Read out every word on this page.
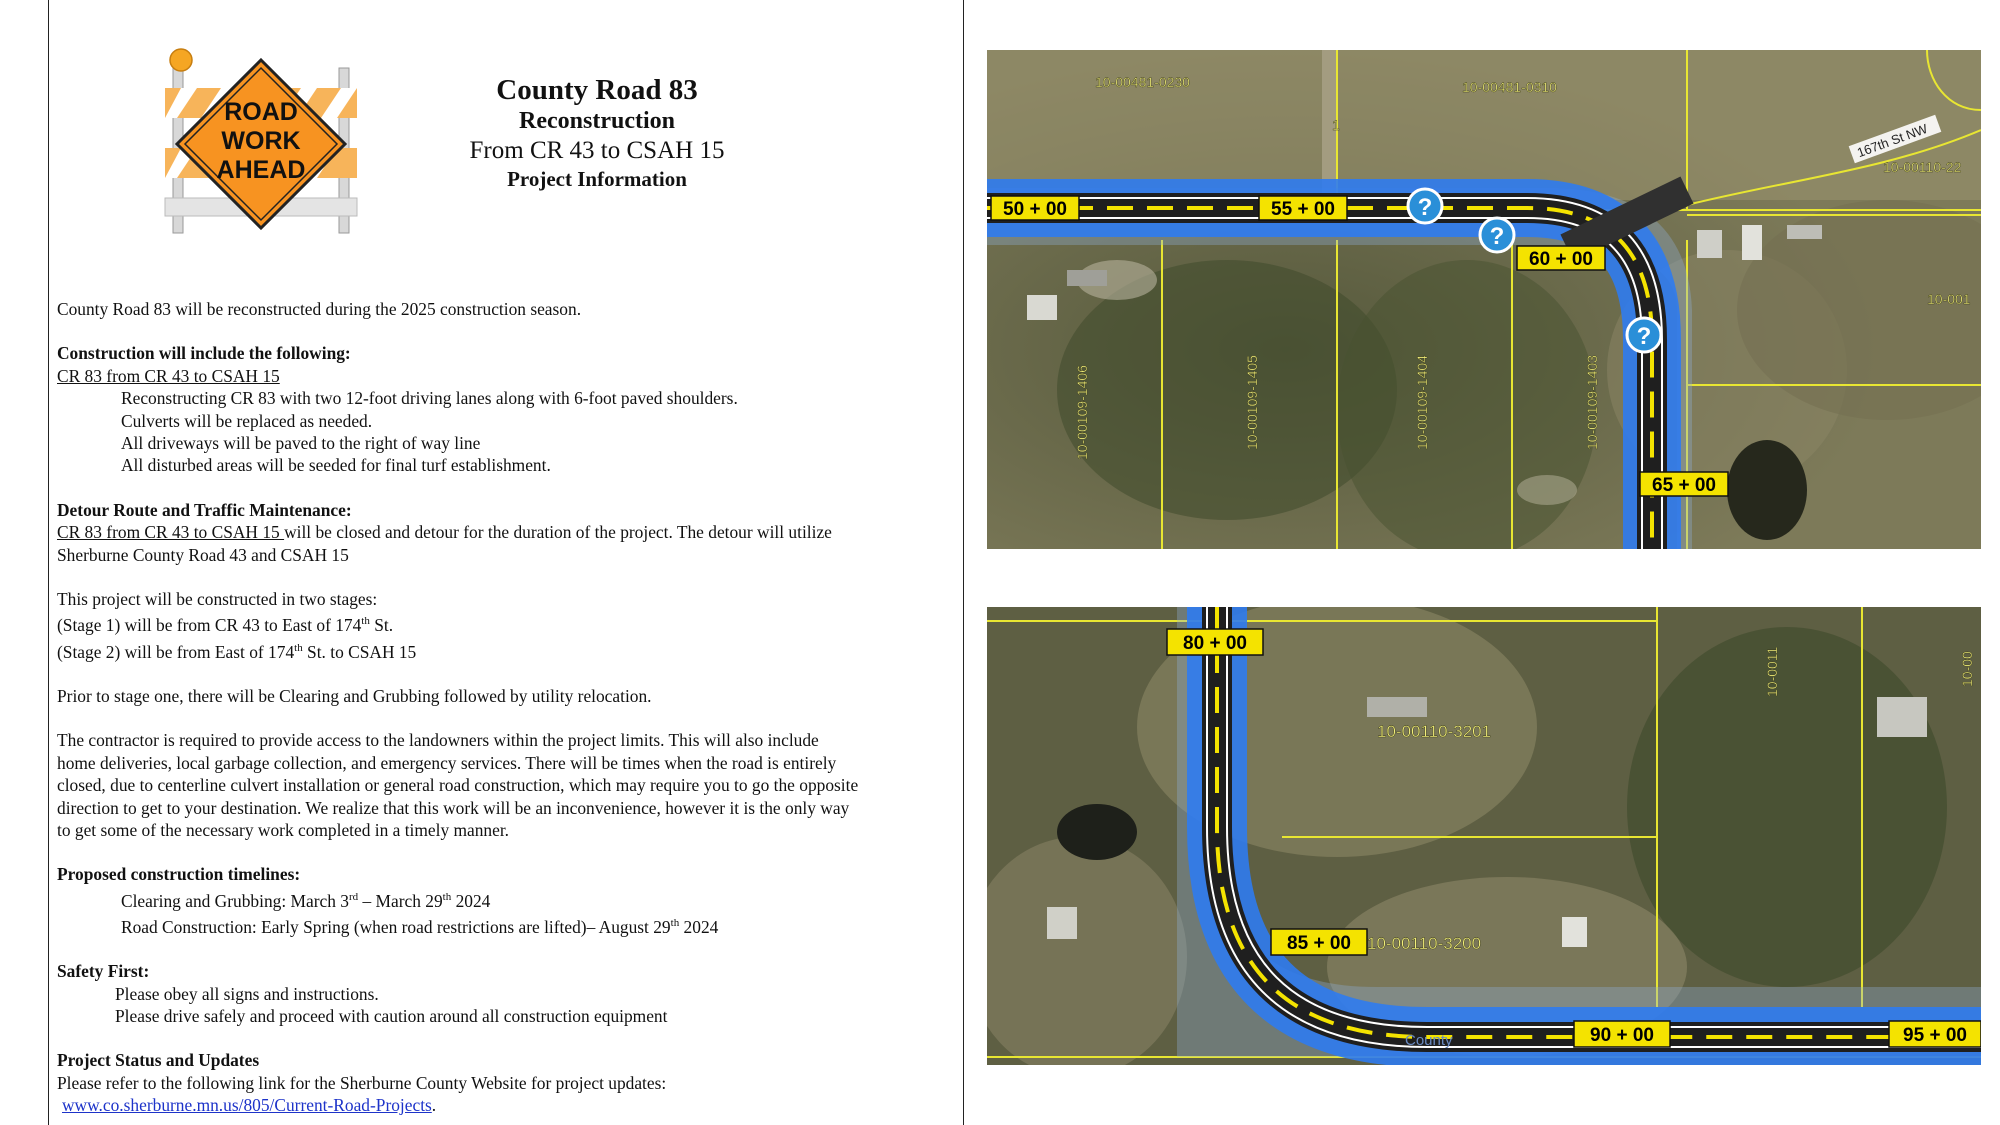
ROAD
WORK
AHEAD
County Road 83
Reconstruction
From CR 43 to CSAH 15
Project Information

County Road 83 will be reconstructed during the 2025 construction season.

Construction will include the following:

CR 83 from CR 43 to CSAH 15

Reconstructing CR 83 with two 12-foot driving lanes along with 6-foot paved shoulders.

Culverts will be replaced as needed.

All driveways will be paved to the right of way line

All disturbed areas will be seeded for final turf establishment.

Detour Route and Traffic Maintenance:

CR 83 from CR 43 to CSAH 15 will be closed and detour for the duration of the project. The detour will utilize

Sherburne County Road 43 and CSAH 15

This project will be constructed in two stages:

(Stage 1) will be from CR 43 to East of 174th St.

(Stage 2) will be from East of 174th St. to CSAH 15

Prior to stage one, there will be Clearing and Grubbing followed by utility relocation.

The contractor is required to provide access to the landowners within the project limits. This will also include

home deliveries, local garbage collection, and emergency services. There will be times when the road is entirely

closed, due to centerline culvert installation or general road construction, which may require you to go the opposite

direction to get to your destination. We realize that this work will be an inconvenience, however it is the only way

to get some of the necessary work completed in a timely manner.

Proposed construction timelines:

Clearing and Grubbing: March 3rd – March 29th 2024

Road Construction: Early Spring (when road restrictions are lifted)– August 29th 2024

Safety First:

Please obey all signs and instructions.

Please drive safely and proceed with caution around all construction equipment

Project Status and Updates

Please refer to the following link for the Sherburne County Website for project updates:

www.co.sherburne.mn.us/805/Current-Road-Projects.

?
?
?
50 + 00	55 + 00
60 + 00
65 + 00
10-00481-0230	10-00481-0310
10-00110-22
10-001
10-00109-1406	10-00109-1405	10-00109-1404	10-00109-1403
1	167th St NW
80 + 00
85 + 00
90 + 00	95 + 00
10-00110-3201
10-00110-3200
10-0011	10-00
County
